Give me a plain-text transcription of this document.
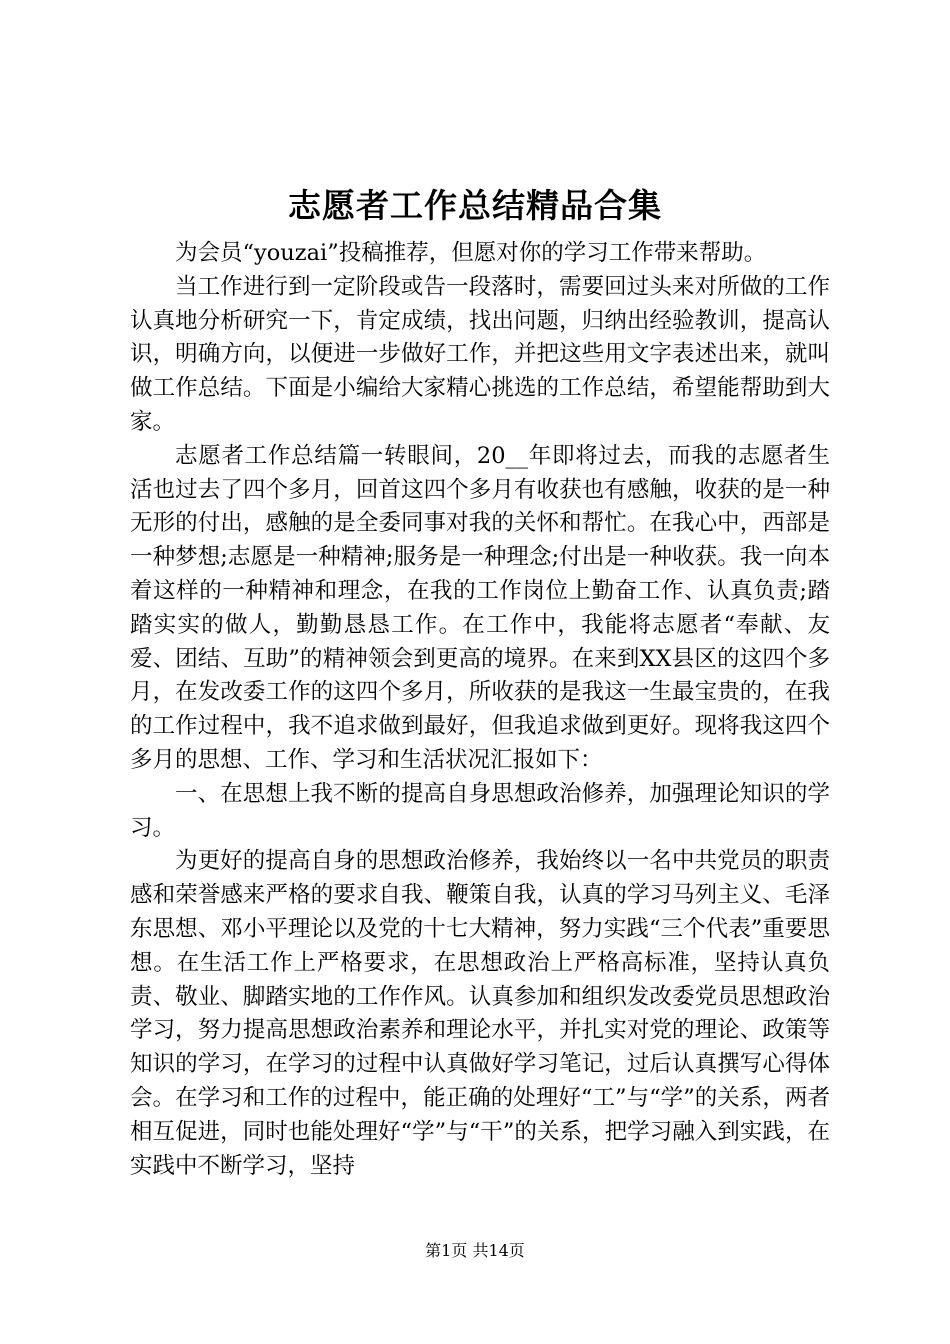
志愿者工作总结精品合集

为会员“youzai”投稿推荐，但愿对你的学习工作带来帮助。

当工作进行到一定阶段或告一段落时，需要回过头来对所做的工作认真地分析研究一下，肯定成绩，找出问题，归纳出经验教训，提高认识，明确方向，以便进一步做好工作，并把这些用文字表述出来，就叫做工作总结。下面是小编给大家精心挑选的工作总结，希望能帮助到大家。

志愿者工作总结篇一转眼间，20__年即将过去，而我的志愿者生活也过去了四个多月，回首这四个多月有收获也有感触，收获的是一种无形的付出，感触的是全委同事对我的关怀和帮忙。在我心中，西部是一种梦想;志愿是一种精神;服务是一种理念;付出是一种收获。我一向本着这样的一种精神和理念，在我的工作岗位上勤奋工作、认真负责;踏踏实实的做人，勤勤恳恳工作。在工作中，我能将志愿者“奉献、友爱、团结、互助”的精神领会到更高的境界。在来到XX县区的这四个多月，在发改委工作的这四个多月，所收获的是我这一生最宝贵的，在我的工作过程中，我不追求做到最好，但我追求做到更好。现将我这四个多月的思想、工作、学习和生活状况汇报如下：

一、在思想上我不断的提高自身思想政治修养，加强理论知识的学习。

为更好的提高自身的思想政治修养，我始终以一名中共党员的职责感和荣誉感来严格的要求自我、鞭策自我，认真的学习马列主义、毛泽东思想、邓小平理论以及党的十七大精神，努力实践“三个代表”重要思想。在生活工作上严格要求，在思想政治上严格高标准，坚持认真负责、敬业、脚踏实地的工作作风。认真参加和组织发改委党员思想政治学习，努力提高思想政治素养和理论水平，并扎实对党的理论、政策等知识的学习，在学习的过程中认真做好学习笔记，过后认真撰写心得体会。在学习和工作的过程中，能正确的处理好“工”与“学”的关系，两者相互促进，同时也能处理好“学”与“干”的关系，把学习融入到实践，在实践中不断学习，坚持

第1页 共14页
